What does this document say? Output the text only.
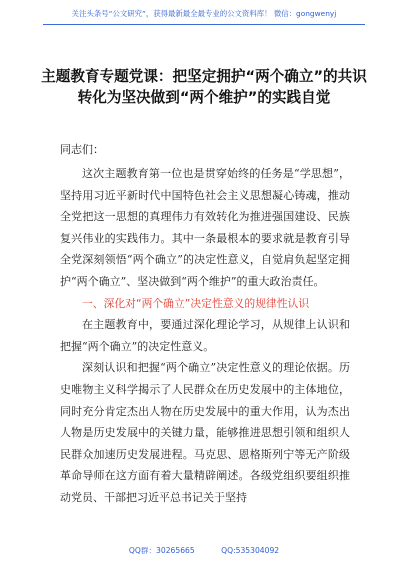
关注头条号“公文研究”，获得最新最全最专业的公文资料库！ 微信：gongwenyj
主题教育专题党课：把坚定拥护“两个确立”的共识转化为坚决做到“两个维护”的实践自觉
同志们：

这次主题教育第一位也是贯穿始终的任务是“学思想”，坚持用习近平新时代中国特色社会主义思想凝心铸魂，推动全党把这一思想的真理伟力有效转化为推进强国建设、民族复兴伟业的实践伟力。其中一条最根本的要求就是教育引导全党深刻领悟“两个确立”的决定性意义，自觉肩负起坚定拥护“两个确立”、坚决做到“两个维护”的重大政治责任。

一、深化对“两个确立”决定性意义的规律性认识

在主题教育中，要通过深化理论学习，从规律上认识和把握“两个确立”的决定性意义。

深刻认识和把握“两个确立”决定性意义的理论依据。历史唯物主义科学揭示了人民群众在历史发展中的主体地位，同时充分肯定杰出人物在历史发展中的重大作用，认为杰出人物是历史发展中的关键力量，能够推进思想引领和组织人民群众加速历史发展进程。马克思、恩格斯列宁等无产阶级革命导师在这方面有着大量精辟阐述。各级党组织要组织推动党员、干部把习近平总书记关于坚持

QQ群：30265665	QQ:535304092
